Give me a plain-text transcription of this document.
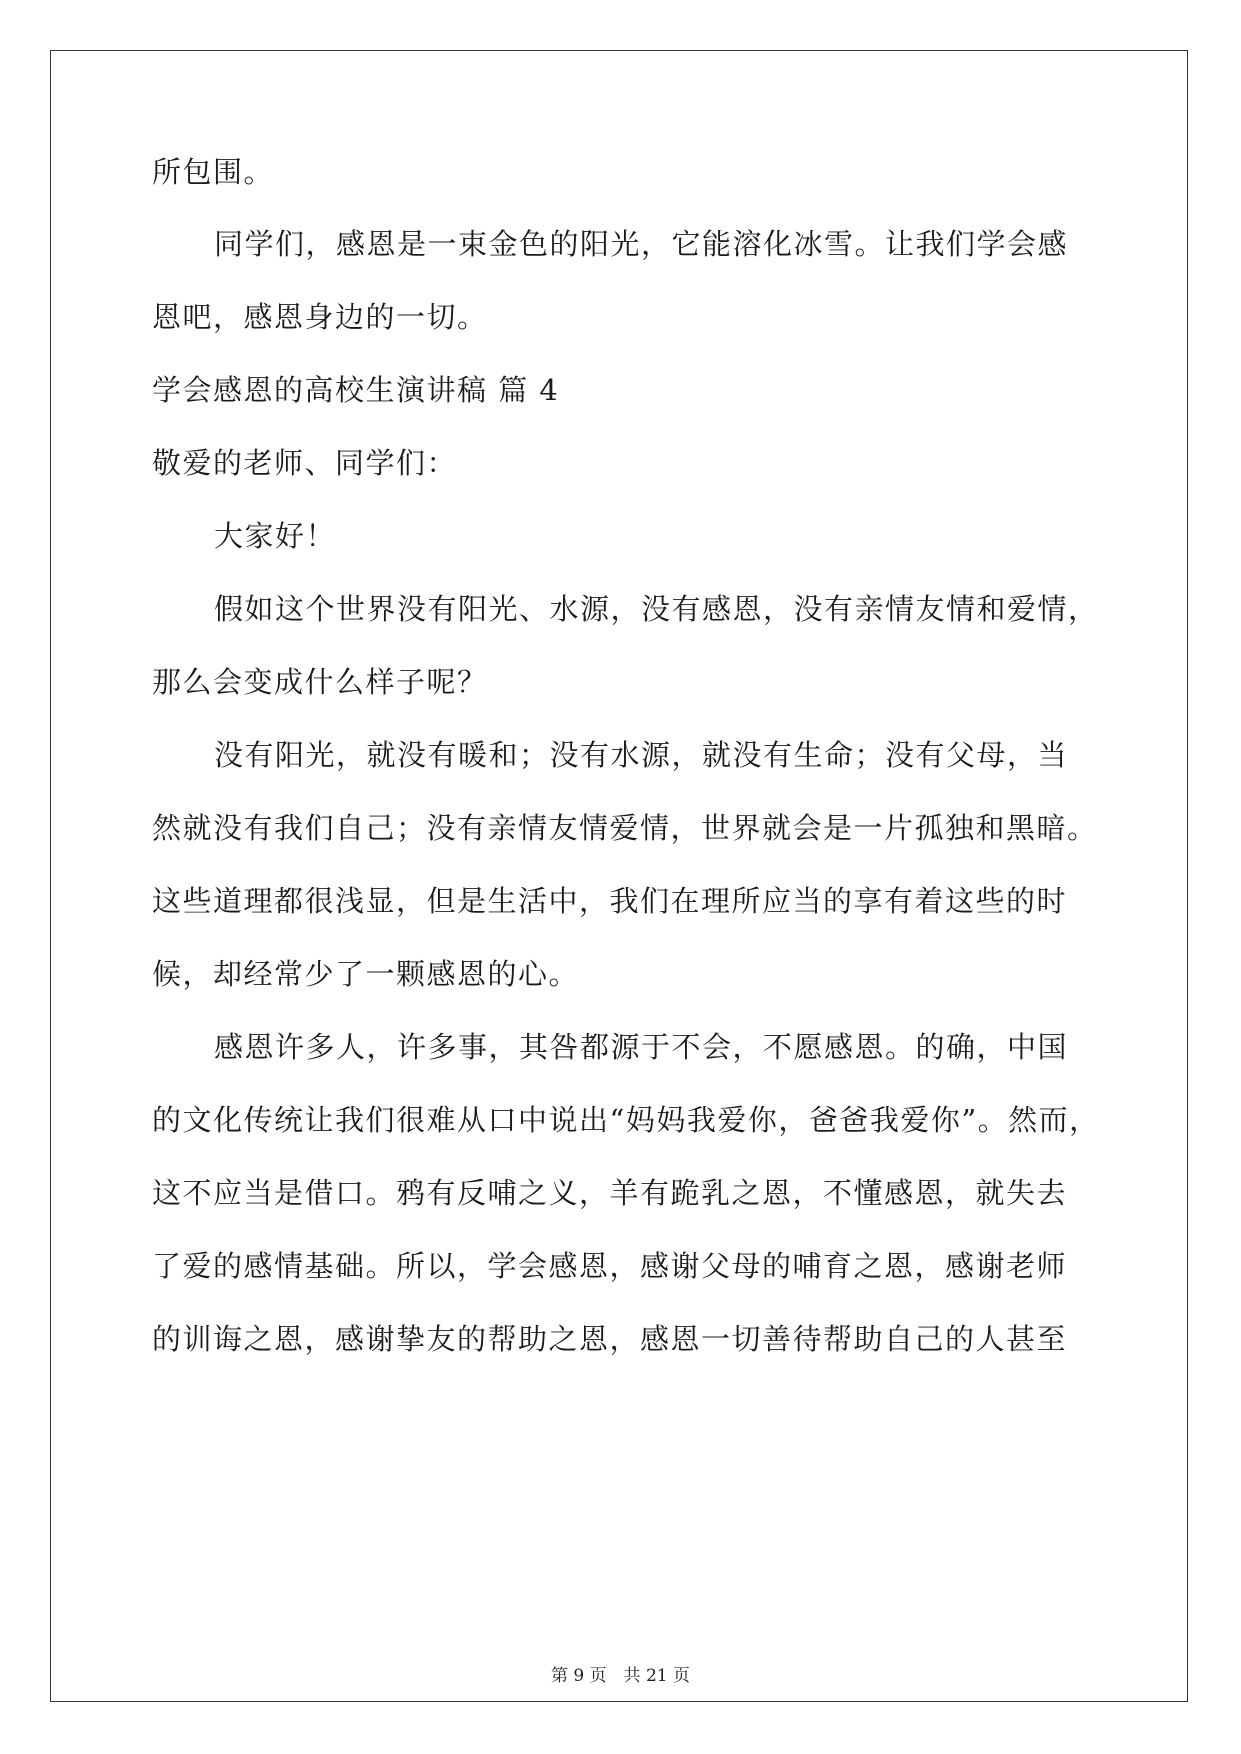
所包围。
同学们，感恩是一束金色的阳光，它能溶化冰雪。让我们学会感
恩吧，感恩身边的一切。
学会感恩的高校生演讲稿 篇 4
敬爱的老师、同学们：
大家好！
假如这个世界没有阳光、水源，没有感恩，没有亲情友情和爱情，
那么会变成什么样子呢？
没有阳光，就没有暖和；没有水源，就没有生命；没有父母，当
然就没有我们自己；没有亲情友情爱情，世界就会是一片孤独和黑暗。
这些道理都很浅显，但是生活中，我们在理所应当的享有着这些的时
候，却经常少了一颗感恩的心。
感恩许多人，许多事，其咎都源于不会，不愿感恩。的确，中国
的文化传统让我们很难从口中说出“妈妈我爱你，爸爸我爱你”。然而，
这不应当是借口。鸦有反哺之义，羊有跪乳之恩，不懂感恩，就失去
了爱的感情基础。所以，学会感恩，感谢父母的哺育之恩，感谢老师
的训诲之恩，感谢挚友的帮助之恩，感恩一切善待帮助自己的人甚至
第 9 页　共 21 页
